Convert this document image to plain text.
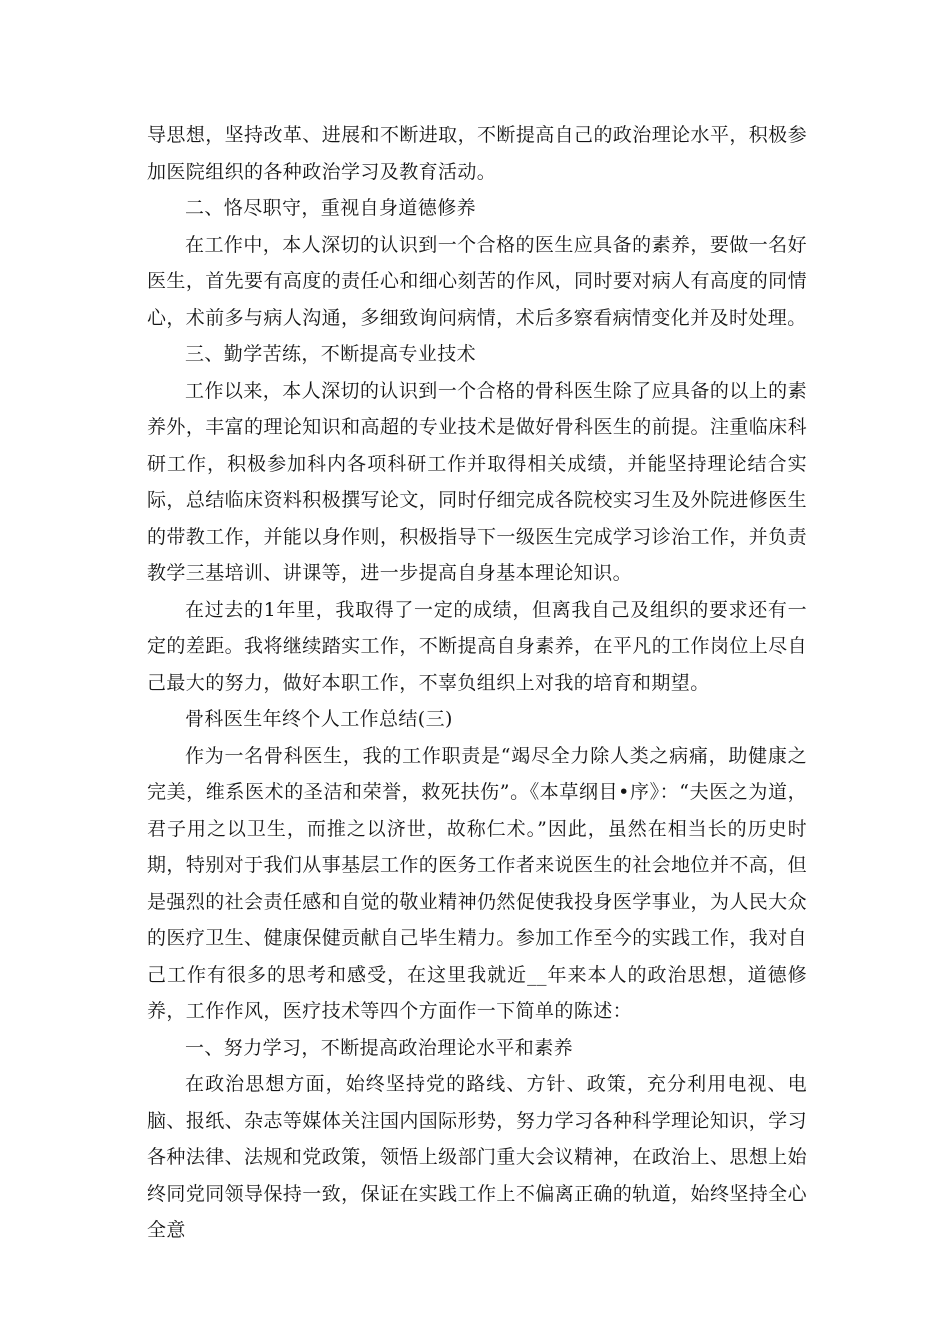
导思想，坚持改革、进展和不断进取，不断提高自己的政治理论水平，积极参加医院组织的各种政治学习及教育活动。

二、恪尽职守，重视自身道德修养

在工作中，本人深切的认识到一个合格的医生应具备的素养，要做一名好医生，首先要有高度的责任心和细心刻苦的作风，同时要对病人有高度的同情心，术前多与病人沟通，多细致询问病情，术后多察看病情变化并及时处理。

三、勤学苦练，不断提高专业技术

工作以来，本人深切的认识到一个合格的骨科医生除了应具备的以上的素养外，丰富的理论知识和高超的专业技术是做好骨科医生的前提。注重临床科研工作，积极参加科内各项科研工作并取得相关成绩，并能坚持理论结合实际，总结临床资料积极撰写论文，同时仔细完成各院校实习生及外院进修医生的带教工作，并能以身作则，积极指导下一级医生完成学习诊治工作，并负责教学三基培训、讲课等，进一步提高自身基本理论知识。

在过去的1年里，我取得了一定的成绩，但离我自己及组织的要求还有一定的差距。我将继续踏实工作，不断提高自身素养，在平凡的工作岗位上尽自己最大的努力，做好本职工作，不辜负组织上对我的培育和期望。

骨科医生年终个人工作总结(三)

作为一名骨科医生，我的工作职责是“竭尽全力除人类之病痛，助健康之完美，维系医术的圣洁和荣誉，救死扶伤”。《本草纲目•序》：“夫医之为道，君子用之以卫生，而推之以济世，故称仁术。”因此，虽然在相当长的历史时期，特别对于我们从事基层工作的医务工作者来说医生的社会地位并不高，但是强烈的社会责任感和自觉的敬业精神仍然促使我投身医学事业，为人民大众的医疗卫生、健康保健贡献自己毕生精力。参加工作至今的实践工作，我对自己工作有很多的思考和感受，在这里我就近__年来本人的政治思想，道德修养，工作作风，医疗技术等四个方面作一下简单的陈述：

一、努力学习，不断提高政治理论水平和素养

在政治思想方面，始终坚持党的路线、方针、政策，充分利用电视、电脑、报纸、杂志等媒体关注国内国际形势，努力学习各种科学理论知识，学习各种法律、法规和党政策，领悟上级部门重大会议精神，在政治上、思想上始终同党同领导保持一致，保证在实践工作上不偏离正确的轨道，始终坚持全心全意
